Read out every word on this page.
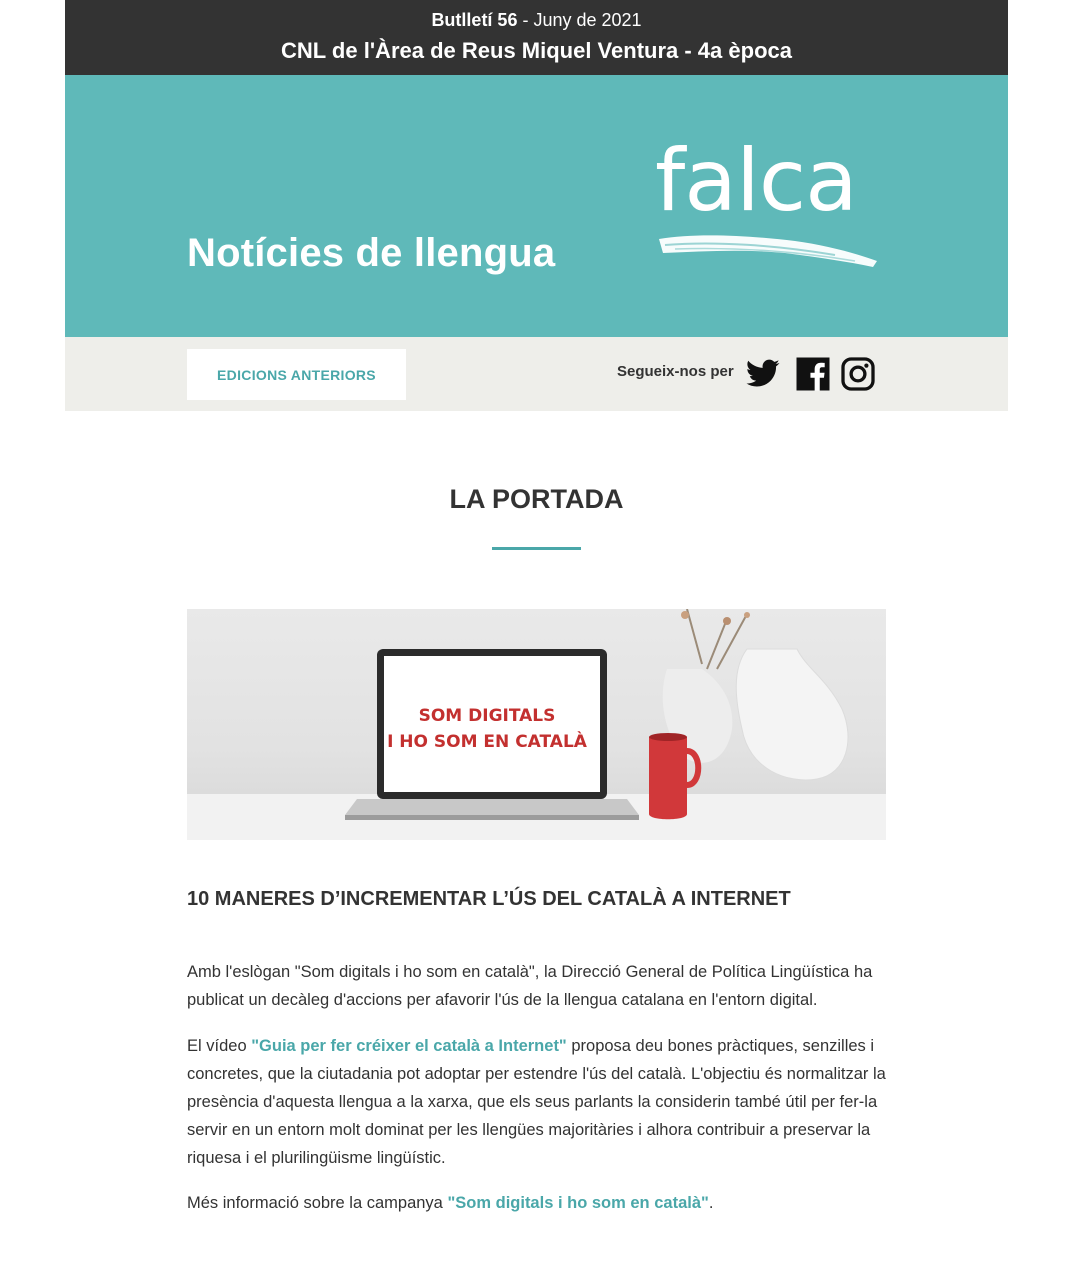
Butlletí 56 - Juny de 2021
CNL de l'Àrea de Reus Miquel Ventura - 4a època
Notícies de llengua
falca
EDICIONS ANTERIORS	Segueix-nos per
LA PORTADA
SOM DIGITALS
I HO SOM EN CATALÀ
10 MANERES D’INCREMENTAR L’ÚS DEL CATALÀ A INTERNET

Amb l'eslògan "Som digitals i ho som en català", la Direcció General de Política Lingüística ha publicat un decàleg d'accions per afavorir l'ús de la llengua catalana en l'entorn digital.

El vídeo "Guia per fer créixer el català a Internet" proposa deu bones pràctiques, senzilles i concretes, que la ciutadania pot adoptar per estendre l'ús del català. L'objectiu és normalitzar la presència d'aquesta llengua a la xarxa, que els seus parlants la considerin també útil per fer-la servir en un entorn molt dominat per les llengües majoritàries i alhora contribuir a preservar la riquesa i el plurilingüisme lingüístic.

Més informació sobre la campanya "Som digitals i ho som en català".
